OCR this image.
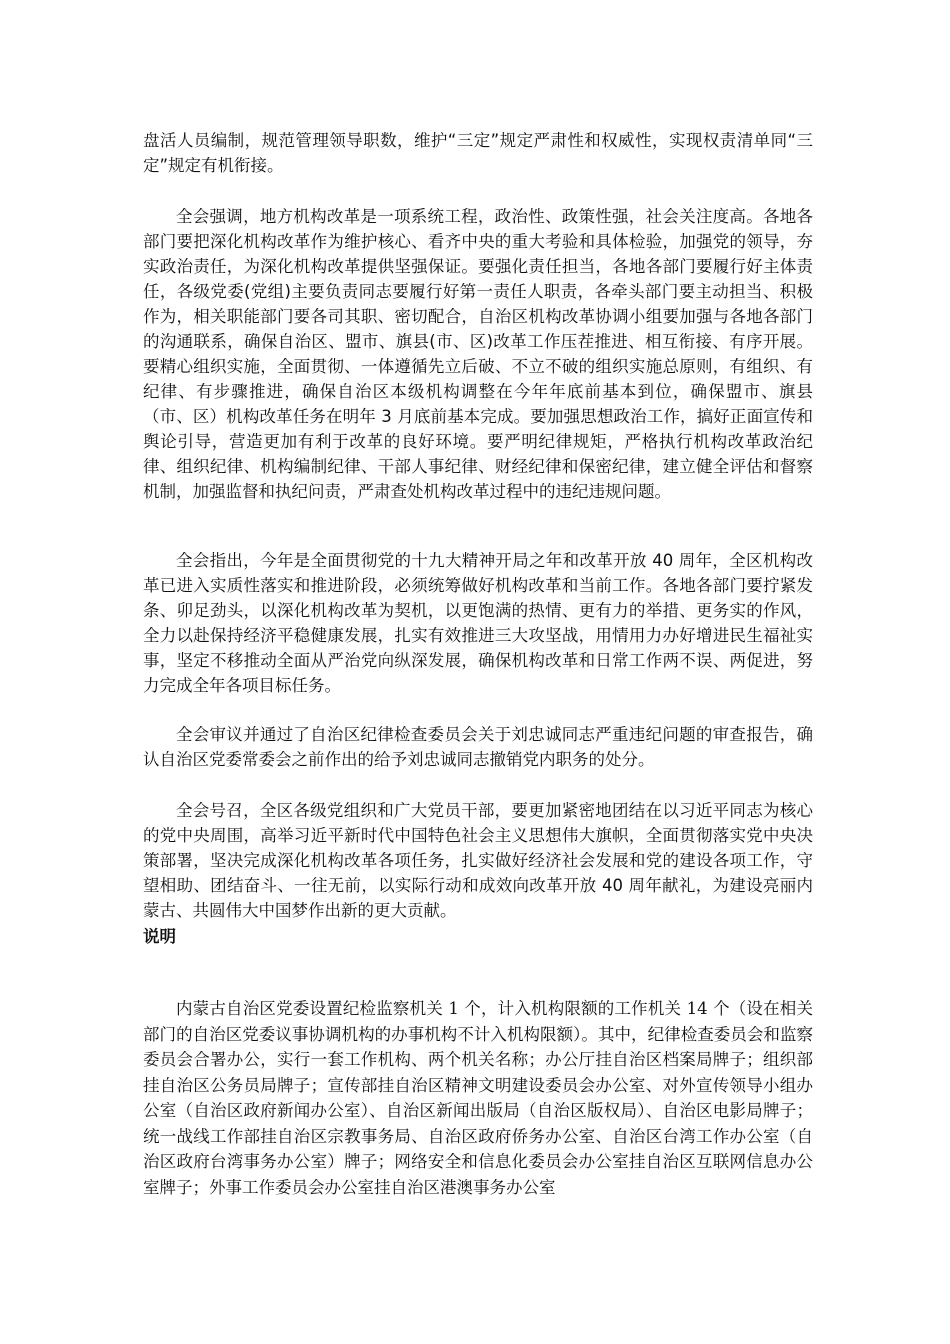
盘活人员编制，规范管理领导职数，维护“三定”规定严肃性和权威性，实现权责清单同“三定”规定有机衔接。

全会强调，地方机构改革是一项系统工程，政治性、政策性强，社会关注度高。各地各部门要把深化机构改革作为维护核心、看齐中央的重大考验和具体检验，加强党的领导，夯实政治责任，为深化机构改革提供坚强保证。要强化责任担当，各地各部门要履行好主体责任，各级党委(党组)主要负责同志要履行好第一责任人职责，各牵头部门要主动担当、积极作为，相关职能部门要各司其职、密切配合，自治区机构改革协调小组要加强与各地各部门的沟通联系，确保自治区、盟市、旗县(市、区)改革工作压茬推进、相互衔接、有序开展。要精心组织实施，全面贯彻、一体遵循先立后破、不立不破的组织实施总原则，有组织、有纪律、有步骤推进，确保自治区本级机构调整在今年年底前基本到位，确保盟市、旗县（市、区）机构改革任务在明年 3 月底前基本完成。要加强思想政治工作，搞好正面宣传和舆论引导，营造更加有利于改革的良好环境。要严明纪律规矩，严格执行机构改革政治纪律、组织纪律、机构编制纪律、干部人事纪律、财经纪律和保密纪律，建立健全评估和督察机制，加强监督和执纪问责，严肃查处机构改革过程中的违纪违规问题。

全会指出，今年是全面贯彻党的十九大精神开局之年和改革开放 40 周年，全区机构改革已进入实质性落实和推进阶段，必须统筹做好机构改革和当前工作。各地各部门要拧紧发条、卯足劲头，以深化机构改革为契机，以更饱满的热情、更有力的举措、更务实的作风，全力以赴保持经济平稳健康发展，扎实有效推进三大攻坚战，用情用力办好增进民生福祉实事，坚定不移推动全面从严治党向纵深发展，确保机构改革和日常工作两不误、两促进，努力完成全年各项目标任务。

全会审议并通过了自治区纪律检查委员会关于刘忠诚同志严重违纪问题的审查报告，确认自治区党委常委会之前作出的给予刘忠诚同志撤销党内职务的处分。

全会号召，全区各级党组织和广大党员干部，要更加紧密地团结在以习近平同志为核心的党中央周围，高举习近平新时代中国特色社会主义思想伟大旗帜，全面贯彻落实党中央决策部署，坚决完成深化机构改革各项任务，扎实做好经济社会发展和党的建设各项工作，守望相助、团结奋斗、一往无前，以实际行动和成效向改革开放 40 周年献礼，为建设亮丽内蒙古、共圆伟大中国梦作出新的更大贡献。

说明

内蒙古自治区党委设置纪检监察机关 1 个，计入机构限额的工作机关 14 个（设在相关部门的自治区党委议事协调机构的办事机构不计入机构限额）。其中，纪律检查委员会和监察委员会合署办公，实行一套工作机构、两个机关名称；办公厅挂自治区档案局牌子；组织部挂自治区公务员局牌子；宣传部挂自治区精神文明建设委员会办公室、对外宣传领导小组办公室（自治区政府新闻办公室）、自治区新闻出版局（自治区版权局）、自治区电影局牌子；统一战线工作部挂自治区宗教事务局、自治区政府侨务办公室、自治区台湾工作办公室（自治区政府台湾事务办公室）牌子；网络安全和信息化委员会办公室挂自治区互联网信息办公室牌子；外事工作委员会办公室挂自治区港澳事务办公室
